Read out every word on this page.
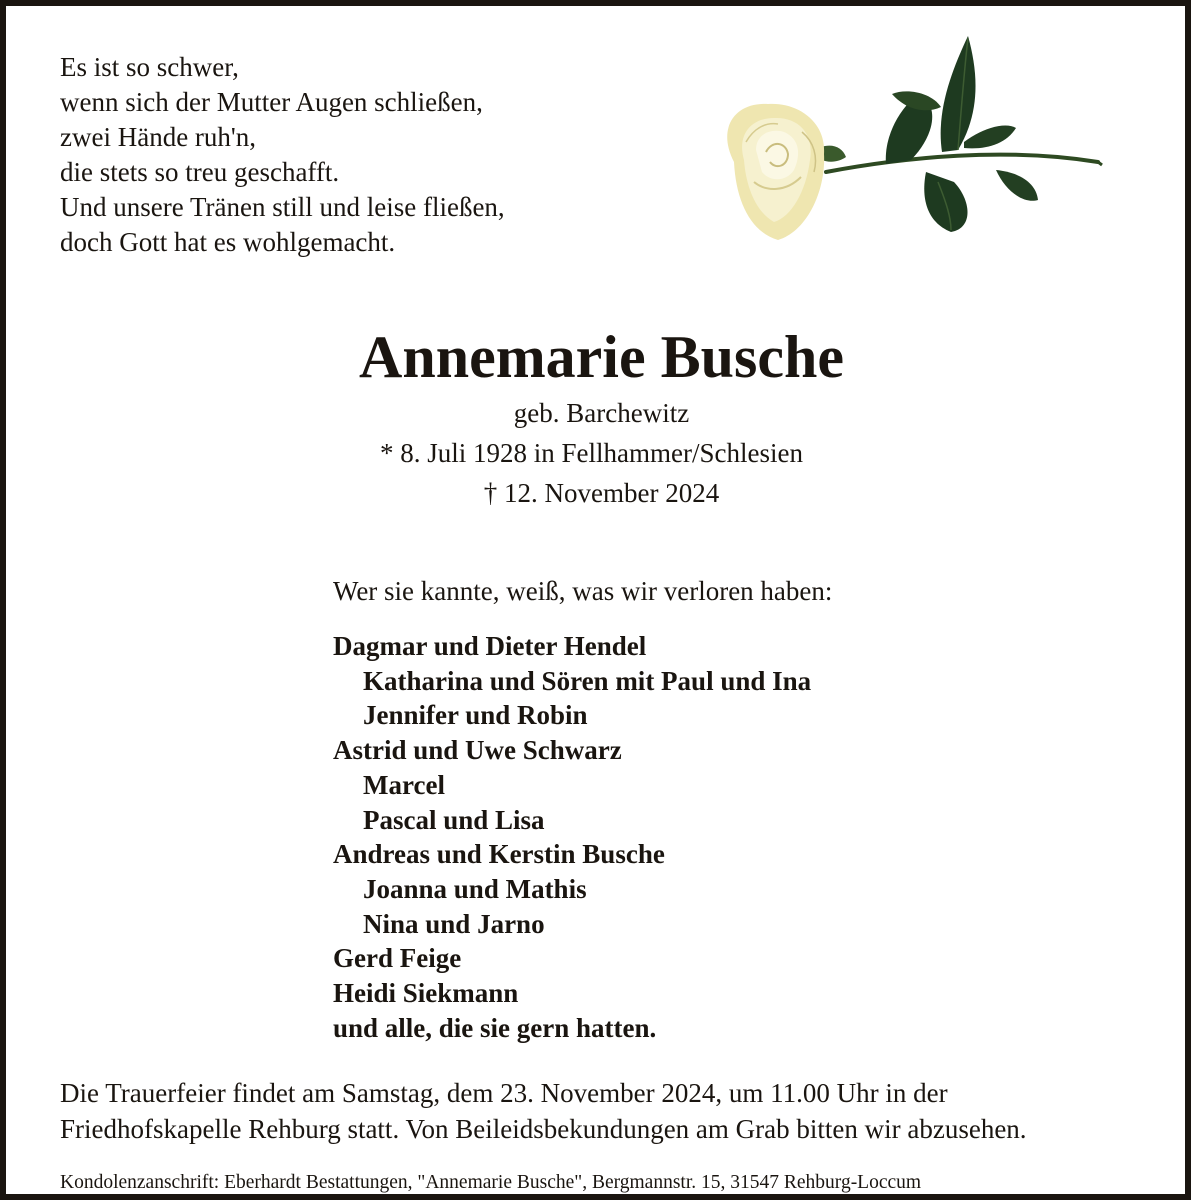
Es ist so schwer,
wenn sich der Mutter Augen schließen,
zwei Hände ruh'n,
die stets so treu geschafft.
Und unsere Tränen still und leise fließen,
doch Gott hat es wohlgemacht.
Annemarie Busche
geb. Barchewitz
* 8. Juli 1928 in Fellhammer/Schlesien
† 12. November 2024
Wer sie kannte, weiß, was wir verloren haben:
Dagmar und Dieter Hendel
Katharina und Sören mit Paul und Ina
Jennifer und Robin
Astrid und Uwe Schwarz
Marcel
Pascal und Lisa
Andreas und Kerstin Busche
Joanna und Mathis
Nina und Jarno
Gerd Feige
Heidi Siekmann
und alle, die sie gern hatten.
Die Trauerfeier findet am Samstag, dem 23. November 2024, um 11.00 Uhr in der
Friedhofskapelle Rehburg statt. Von Beileidsbekundungen am Grab bitten wir abzusehen.
Kondolenzanschrift: Eberhardt Bestattungen, "Annemarie Busche", Bergmannstr. 15, 31547 Rehburg-Loccum
